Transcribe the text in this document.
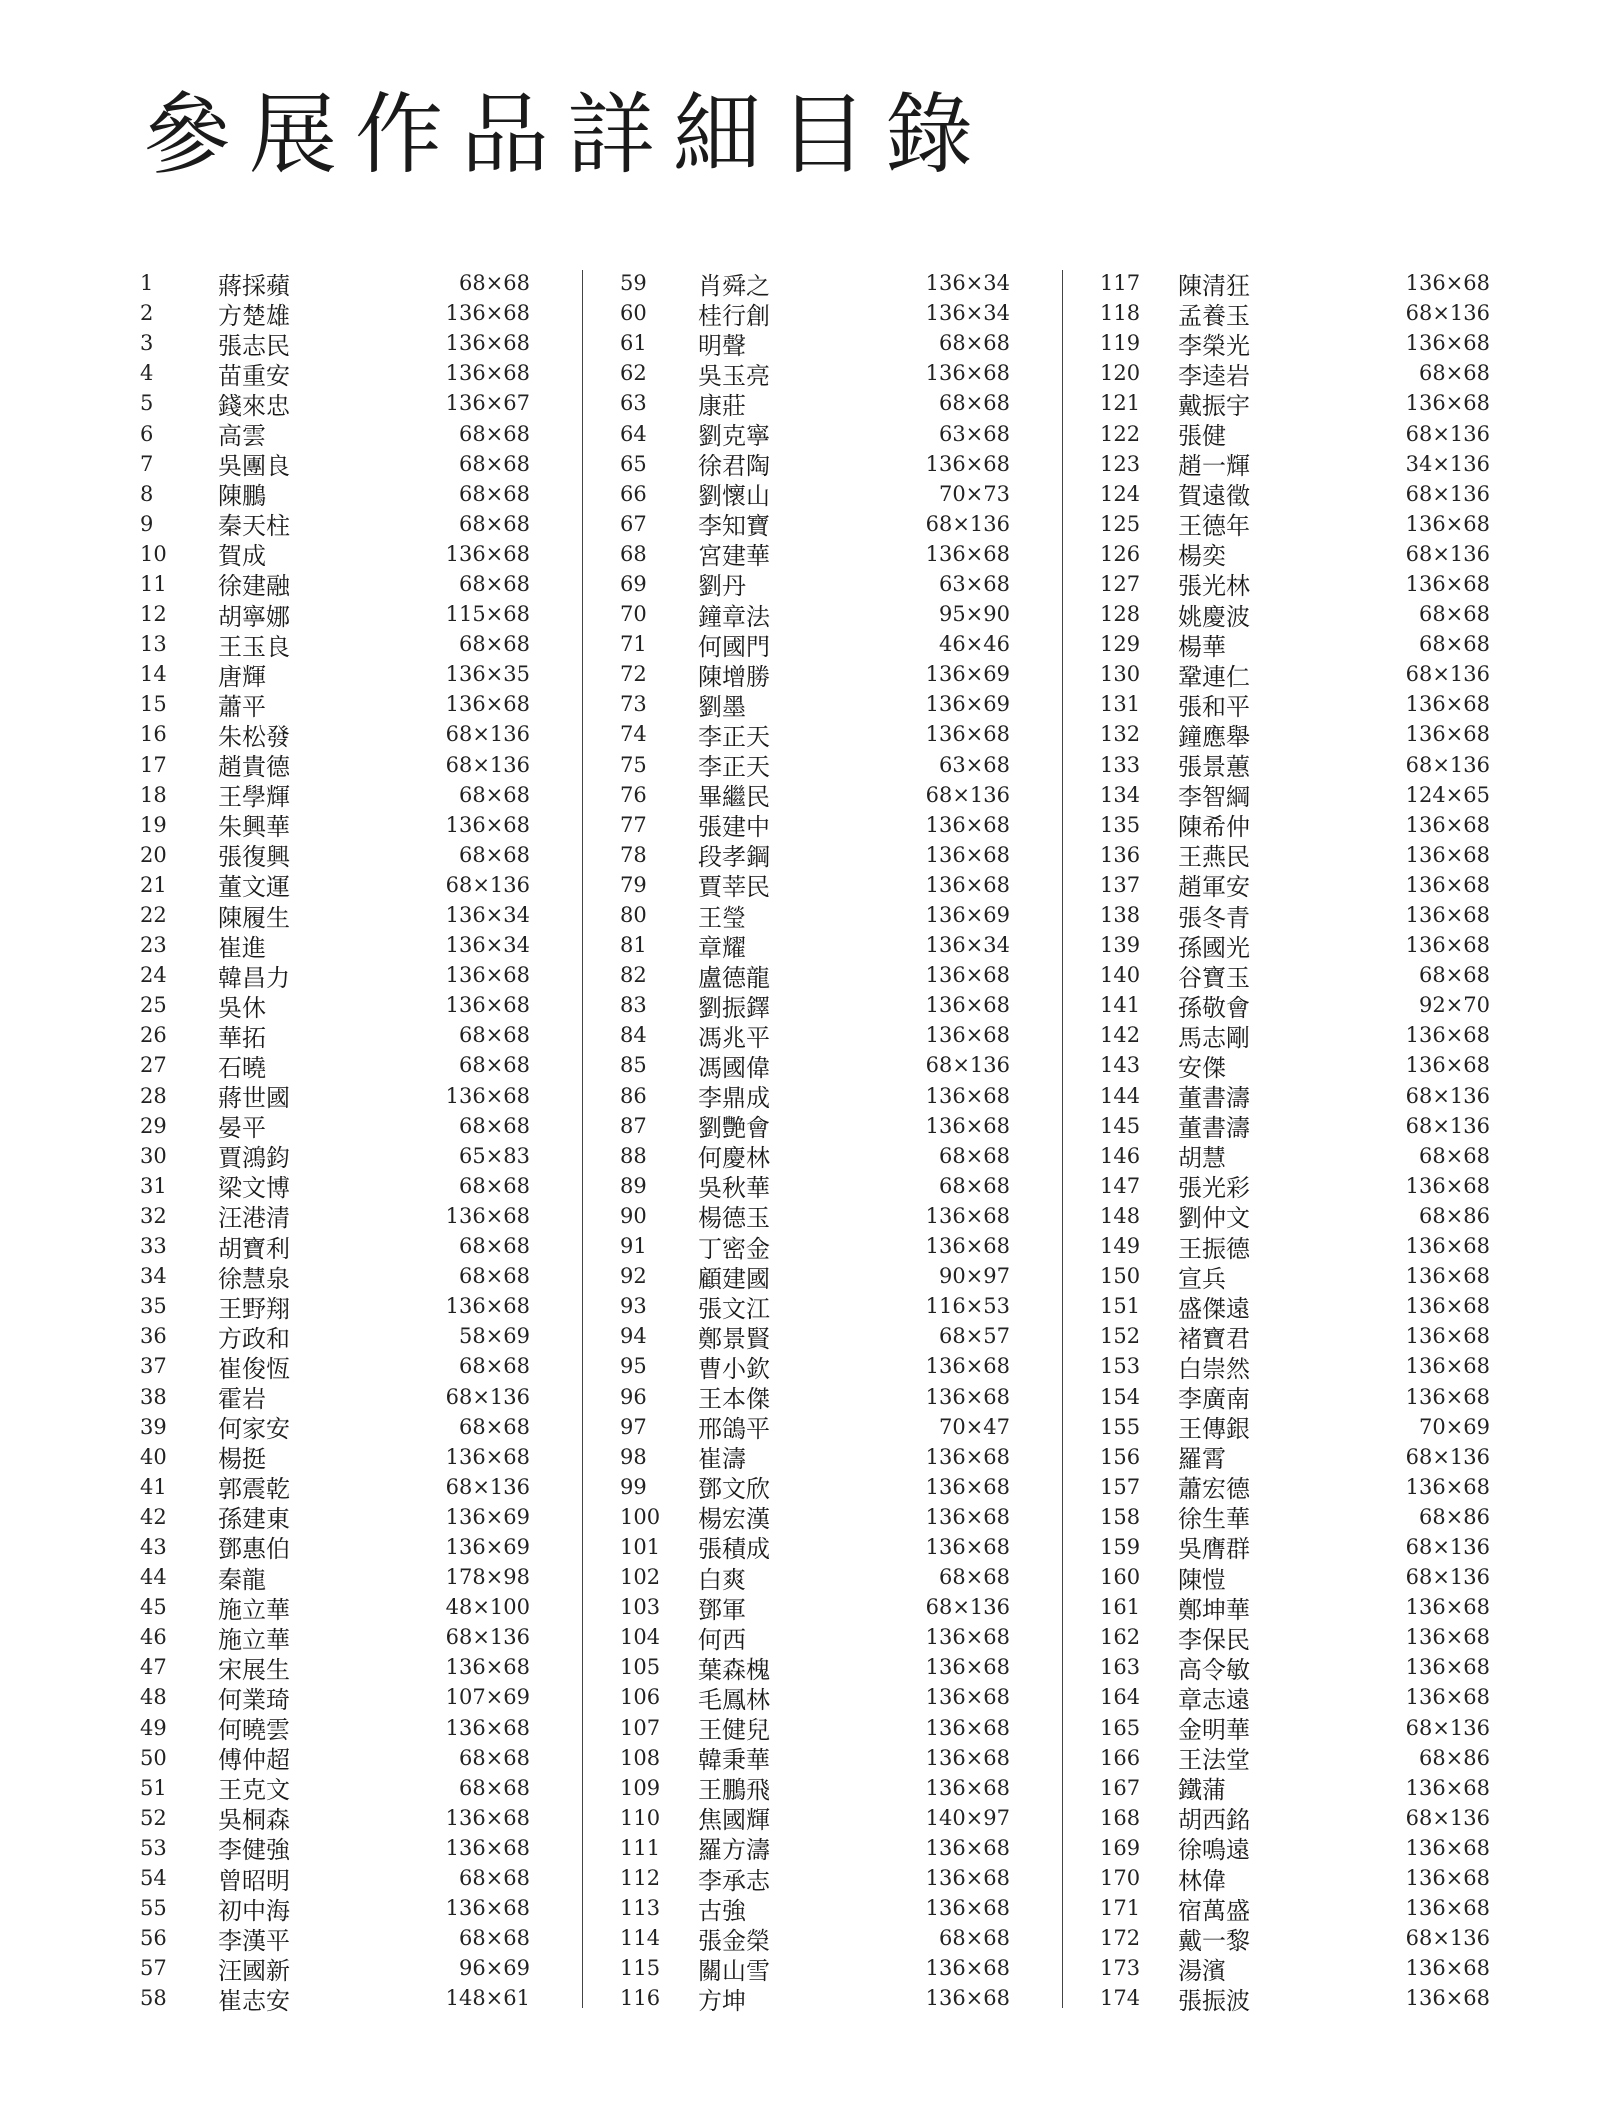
參展作品詳細目錄
1	蔣採蘋	68×68
2	方楚雄	136×68
3	張志民	136×68
4	苗重安	136×68
5	錢來忠	136×67
6	高雲	68×68
7	吳團良	68×68
8	陳鵬	68×68
9	秦天柱	68×68
10	賀成	136×68
11	徐建融	68×68
12	胡寧娜	115×68
13	王玉良	68×68
14	唐輝	136×35
15	蕭平	136×68
16	朱松發	68×136
17	趙貴德	68×136
18	王學輝	68×68
19	朱興華	136×68
20	張復興	68×68
21	董文運	68×136
22	陳履生	136×34
23	崔進	136×34
24	韓昌力	136×68
25	吳休	136×68
26	華拓	68×68
27	石曉	68×68
28	蔣世國	136×68
29	晏平	68×68
30	賈鴻鈞	65×83
31	梁文博	68×68
32	汪港清	136×68
33	胡寶利	68×68
34	徐慧泉	68×68
35	王野翔	136×68
36	方政和	58×69
37	崔俊恆	68×68
38	霍岩	68×136
39	何家安	68×68
40	楊挺	136×68
41	郭震乾	68×136
42	孫建東	136×69
43	鄧惠伯	136×69
44	秦龍	178×98
45	施立華	48×100
46	施立華	68×136
47	宋展生	136×68
48	何業琦	107×69
49	何曉雲	136×68
50	傅仲超	68×68
51	王克文	68×68
52	吳桐森	136×68
53	李健強	136×68
54	曾昭明	68×68
55	初中海	136×68
56	李漢平	68×68
57	汪國新	96×69
58	崔志安	148×61
59	肖舜之	136×34
60	桂行創	136×34
61	明聲	68×68
62	吳玉亮	136×68
63	康莊	68×68
64	劉克寧	63×68
65	徐君陶	136×68
66	劉懷山	70×73
67	李知寶	68×136
68	宮建華	136×68
69	劉丹	63×68
70	鐘章法	95×90
71	何國門	46×46
72	陳增勝	136×69
73	劉墨	136×69
74	李正天	136×68
75	李正天	63×68
76	畢繼民	68×136
77	張建中	136×68
78	段孝鋼	136×68
79	賈莘民	136×68
80	王瑩	136×69
81	章耀	136×34
82	盧德龍	136×68
83	劉振鐸	136×68
84	馮兆平	136×68
85	馮國偉	68×136
86	李鼎成	136×68
87	劉艷會	136×68
88	何慶林	68×68
89	吳秋華	68×68
90	楊德玉	136×68
91	丁密金	136×68
92	顧建國	90×97
93	張文江	116×53
94	鄭景賢	68×57
95	曹小欽	136×68
96	王本傑	136×68
97	邢鴿平	70×47
98	崔濤	136×68
99	鄧文欣	136×68
100	楊宏漢	136×68
101	張積成	136×68
102	白爽	68×68
103	鄧軍	68×136
104	何西	136×68
105	葉森槐	136×68
106	毛鳳林	136×68
107	王健兒	136×68
108	韓秉華	136×68
109	王鵬飛	136×68
110	焦國輝	140×97
111	羅方濤	136×68
112	李承志	136×68
113	古強	136×68
114	張金榮	68×68
115	關山雪	136×68
116	方坤	136×68
117	陳清狂	136×68
118	孟養玉	68×136
119	李榮光	136×68
120	李逵岩	68×68
121	戴振宇	136×68
122	張健	68×136
123	趙一輝	34×136
124	賀遠徵	68×136
125	王德年	136×68
126	楊奕	68×136
127	張光林	136×68
128	姚慶波	68×68
129	楊華	68×68
130	鞏連仁	68×136
131	張和平	136×68
132	鐘應舉	136×68
133	張景蕙	68×136
134	李智綱	124×65
135	陳希仲	136×68
136	王燕民	136×68
137	趙軍安	136×68
138	張冬青	136×68
139	孫國光	136×68
140	谷寶玉	68×68
141	孫敬會	92×70
142	馬志剛	136×68
143	安傑	136×68
144	董書濤	68×136
145	董書濤	68×136
146	胡慧	68×68
147	張光彩	136×68
148	劉仲文	68×86
149	王振德	136×68
150	宣兵	136×68
151	盛傑遠	136×68
152	褚寶君	136×68
153	白崇然	136×68
154	李廣南	136×68
155	王傳銀	70×69
156	羅霄	68×136
157	蕭宏德	136×68
158	徐生華	68×86
159	吳膺群	68×136
160	陳愷	68×136
161	鄭坤華	136×68
162	李保民	136×68
163	高令敏	136×68
164	章志遠	136×68
165	金明華	68×136
166	王法堂	68×86
167	鐵蒲	136×68
168	胡西銘	68×136
169	徐鳴遠	136×68
170	林偉	136×68
171	宿萬盛	136×68
172	戴一黎	68×136
173	湯濱	136×68
174	張振波	136×68
